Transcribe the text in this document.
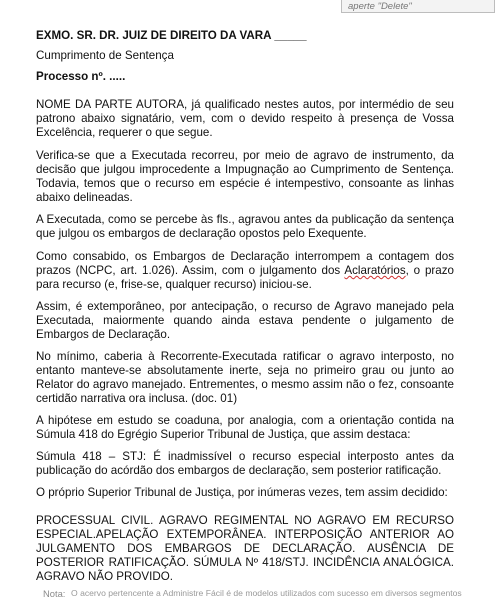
aperte "Delete"

EXMO. SR. DR. JUIZ DE DIREITO DA VARA _____

Cumprimento de Sentença

Processo nº. .....

NOME DA PARTE AUTORA, já qualificado nestes autos, por intermédio de seu patrono abaixo signatário, vem, com o devido respeito à presença de Vossa Excelência, requerer o que segue.

Verifica-se que a Executada recorreu, por meio de agravo de instrumento, da decisão que julgou improcedente a Impugnação ao Cumprimento de Sentença. Todavia, temos que o recurso em espécie é intempestivo, consoante as linhas abaixo delineadas.

A Executada, como se percebe às fls., agravou antes da publicação da sentença que julgou os embargos de declaração opostos pelo Exequente.

Como consabido, os Embargos de Declaração interrompem a contagem dos prazos (NCPC, art. 1.026). Assim, com o julgamento dos Aclaratórios, o prazo para recurso (e, frise-se, qualquer recurso) iniciou-se.

Assim, é extemporâneo, por antecipação, o recurso de Agravo manejado pela Executada, maiormente quando ainda estava pendente o julgamento de Embargos de Declaração.

No mínimo, caberia à Recorrente-Executada ratificar o agravo interposto, no entanto manteve-se absolutamente inerte, seja no primeiro grau ou junto ao Relator do agravo manejado. Entrementes, o mesmo assim não o fez, consoante certidão narrativa ora inclusa. (doc. 01)

A hipótese em estudo se coaduna, por analogia, com a orientação contida na Súmula 418 do Egrégio Superior Tribunal de Justiça, que assim destaca:

Súmula 418 – STJ: É inadmissível o recurso especial interposto antes da publicação do acórdão dos embargos de declaração, sem posterior ratificação.

O próprio Superior Tribunal de Justiça, por inúmeras vezes, tem assim decidido:

PROCESSUAL CIVIL. AGRAVO REGIMENTAL NO AGRAVO EM RECURSO ESPECIAL.APELAÇÃO EXTEMPORÂNEA. INTERPOSIÇÃO ANTERIOR AO JULGAMENTO DOS EMBARGOS DE DECLARAÇÃO. AUSÊNCIA DE POSTERIOR RATIFICAÇÃO. SÚMULA Nº 418/STJ. INCIDÊNCIA ANALÓGICA. AGRAVO NÃO PROVIDO.

Nota: O acervo pertencente a Administre Fácil é de modelos utilizados com sucesso em diversos segmentos
